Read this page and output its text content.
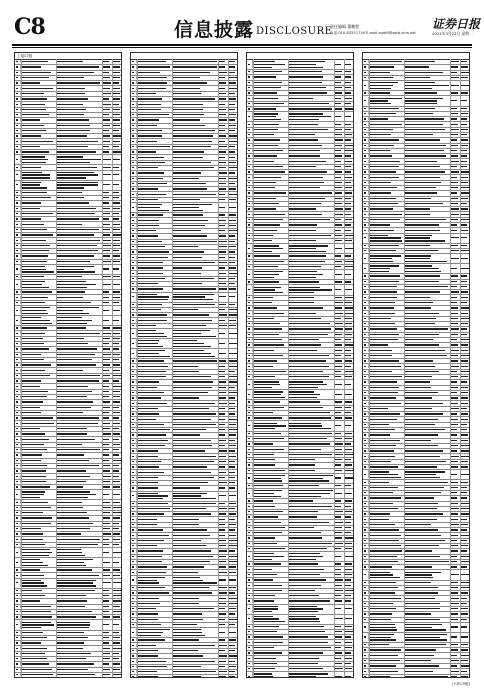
C8	信息披露 DISCLOSURE
责任编辑 董鹏程
电话:010-83251716 E-mail:zqrb9@zqrb.sina.net
证券日报
2021年3月22日 星期一
上接C7版
(下转C9版)
